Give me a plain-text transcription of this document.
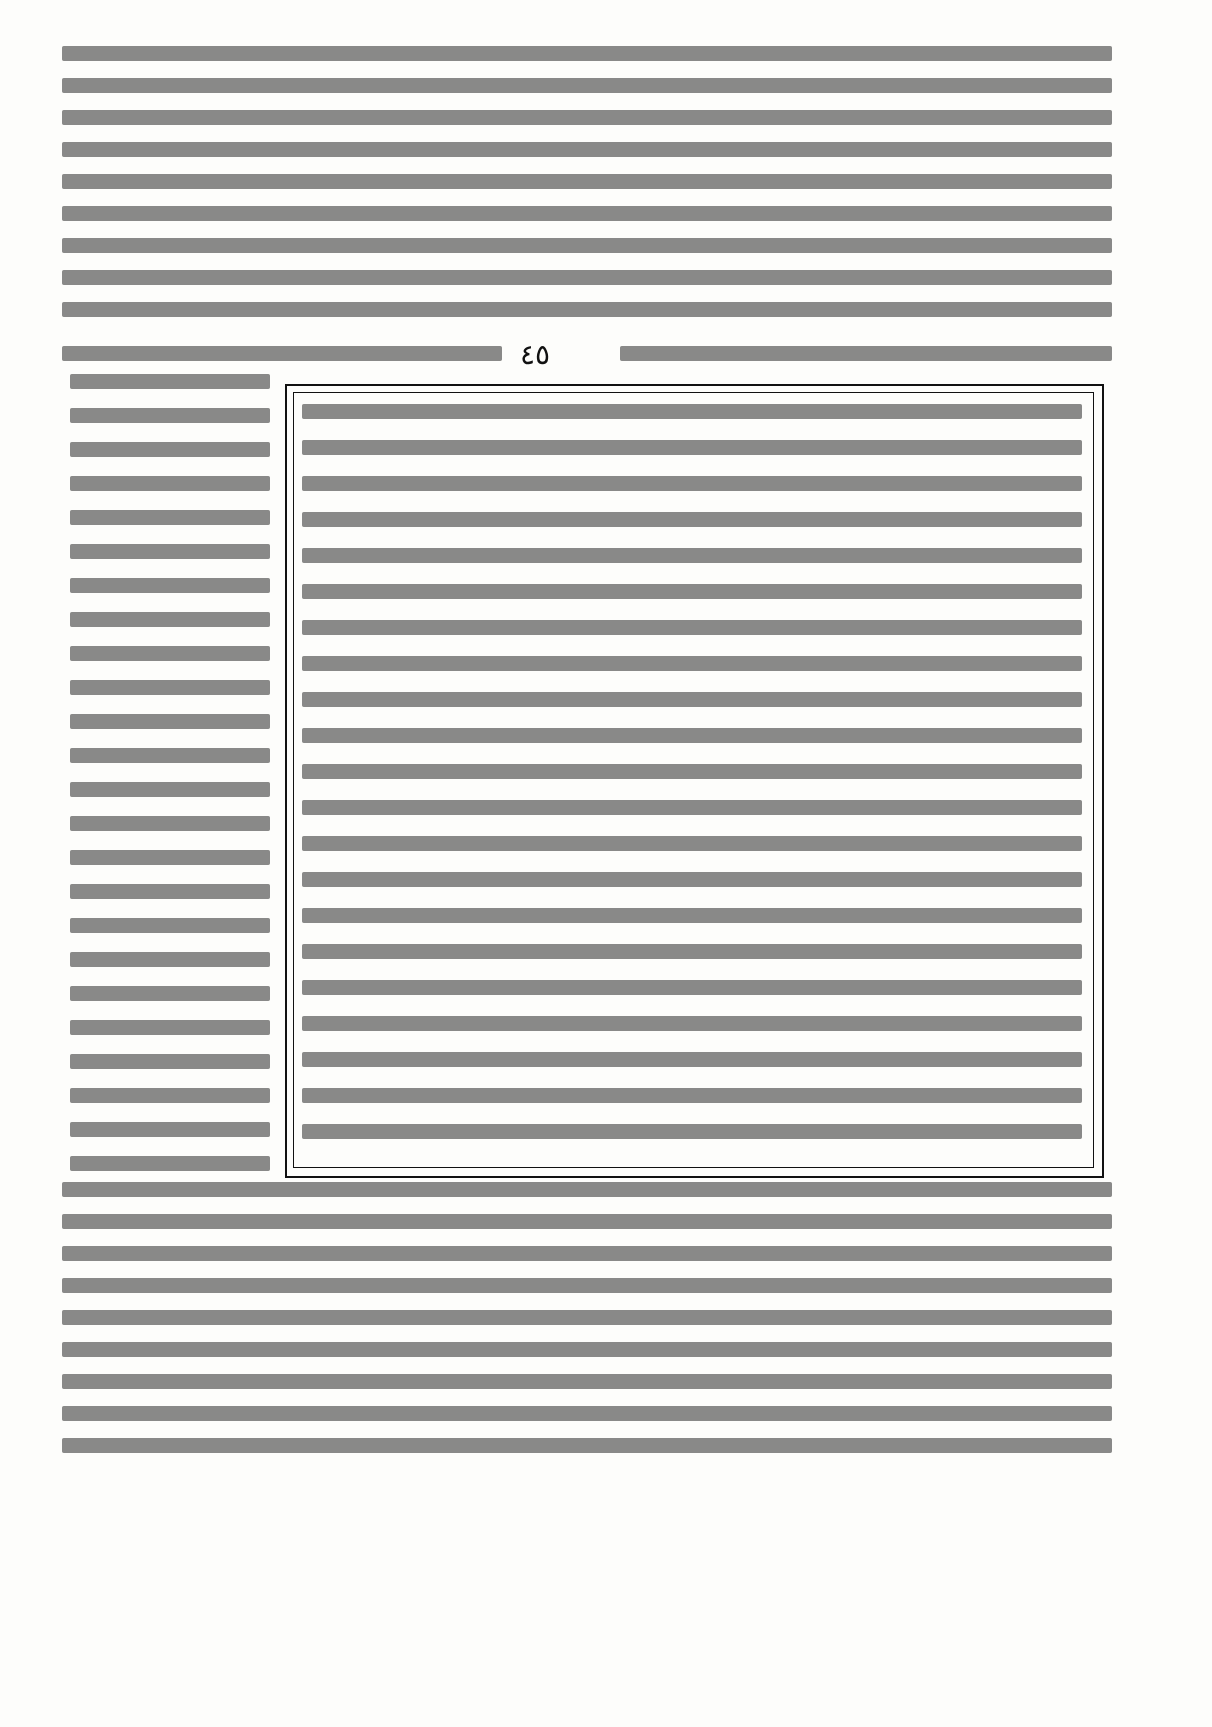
٤٥
